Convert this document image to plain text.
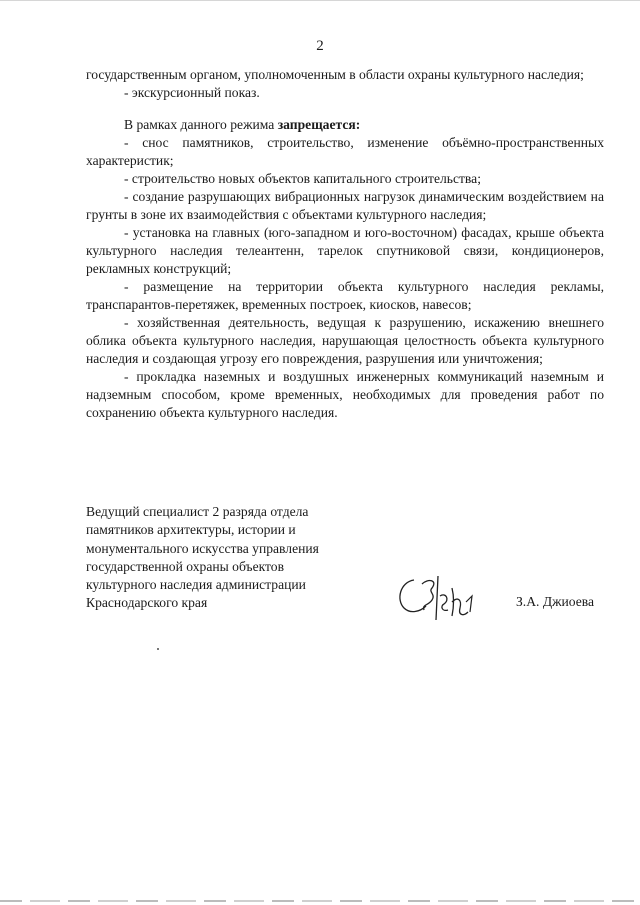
2

государственным органом, уполномоченным в области охраны культурного наследия;

- экскурсионный показ.

В рамках данного режима запрещается:

- снос памятников, строительство, изменение объёмно-пространственных характеристик;

- строительство новых объектов капитального строительства;

- создание разрушающих вибрационных нагрузок динамическим воздействием на грунты в зоне их взаимодействия с объектами культурного наследия;

- установка на главных (юго-западном и юго-восточном) фасадах, крыше объекта культурного наследия телеантенн, тарелок спутниковой связи, кондиционеров, рекламных конструкций;

- размещение на территории объекта культурного наследия рекламы, транспарантов-перетяжек, временных построек, киосков, навесов;

- хозяйственная деятельность, ведущая к разрушению, искажению внешнего облика объекта культурного наследия, нарушающая целостность объекта культурного наследия и создающая угрозу его повреждения, разрушения или уничтожения;

- прокладка наземных и воздушных инженерных коммуникаций наземным и надземным способом, кроме временных, необходимых для проведения работ по сохранению объекта культурного наследия.

Ведущий специалист 2 разряда отдела
памятников архитектуры, истории и
монументального искусства управления
государственной охраны объектов
культурного наследия администрации
Краснодарского края	З.А. Джиоева
